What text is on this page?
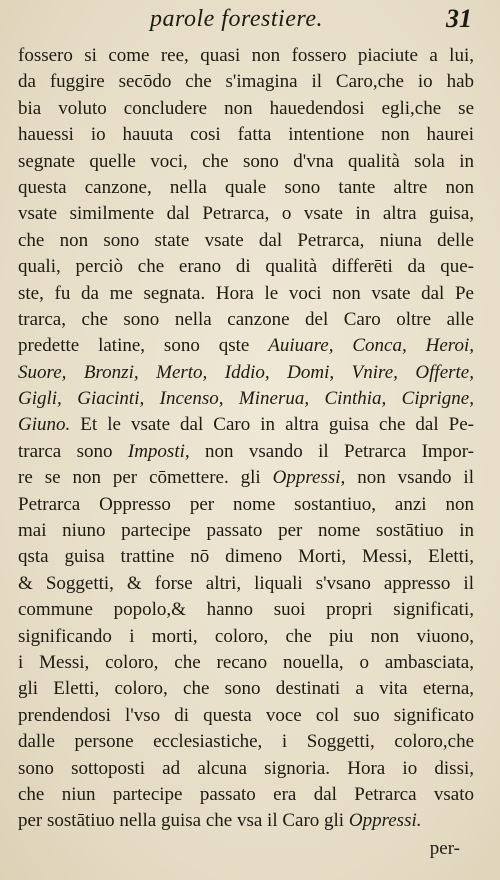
parole forestiere.	31
fossero si come ree, quasi non fossero piaciute a lui,
da fuggire secōdo che s'imagina il Caro,che io hab
bia voluto concludere non hauedendosi egli,che se
hauessi io hauuta cosi fatta intentione non haurei
segnate quelle voci, che sono d'vna qualità sola in
questa canzone, nella quale sono tante altre non
vsate similmente dal Petrarca, o vsate in altra guisa,
che non sono state vsate dal Petrarca, niuna delle
quali, perciò che erano di qualità differēti da que-
ste, fu da me segnata. Hora le voci non vsate dal Pe
trarca, che sono nella canzone del Caro oltre alle
predette latine, sono qste Auiuare, Conca, Heroi,
Suore, Bronzi, Merto, Iddio, Domi, Vnire, Offerte,
Gigli, Giacinti, Incenso, Minerua, Cinthia, Ciprigne,
Giuno. Et le vsate dal Caro in altra guisa che dal Pe-
trarca sono Imposti, non vsando il Petrarca Impor-
re se non per cōmettere. gli Oppressi, non vsando il
Petrarca Oppresso per nome sostantiuo, anzi non
mai niuno partecipe passato per nome sostātiuo in
qsta guisa trattine nō dimeno Morti, Messi, Eletti,
& Soggetti, & forse altri, liquali s'vsano appresso il
commune popolo,& hanno suoi propri significati,
significando i morti, coloro, che piu non viuono,
i Messi, coloro, che recano nouella, o ambasciata,
gli Eletti, coloro, che sono destinati a vita eterna,
prendendosi l'vso di questa voce col suo significato
dalle persone ecclesiastiche, i Soggetti, coloro,che
sono sottoposti ad alcuna signoria. Hora io dissi,
che niun partecipe passato era dal Petrarca vsato
per sostātiuo nella guisa che vsa il Caro gli Oppressi.
per-
